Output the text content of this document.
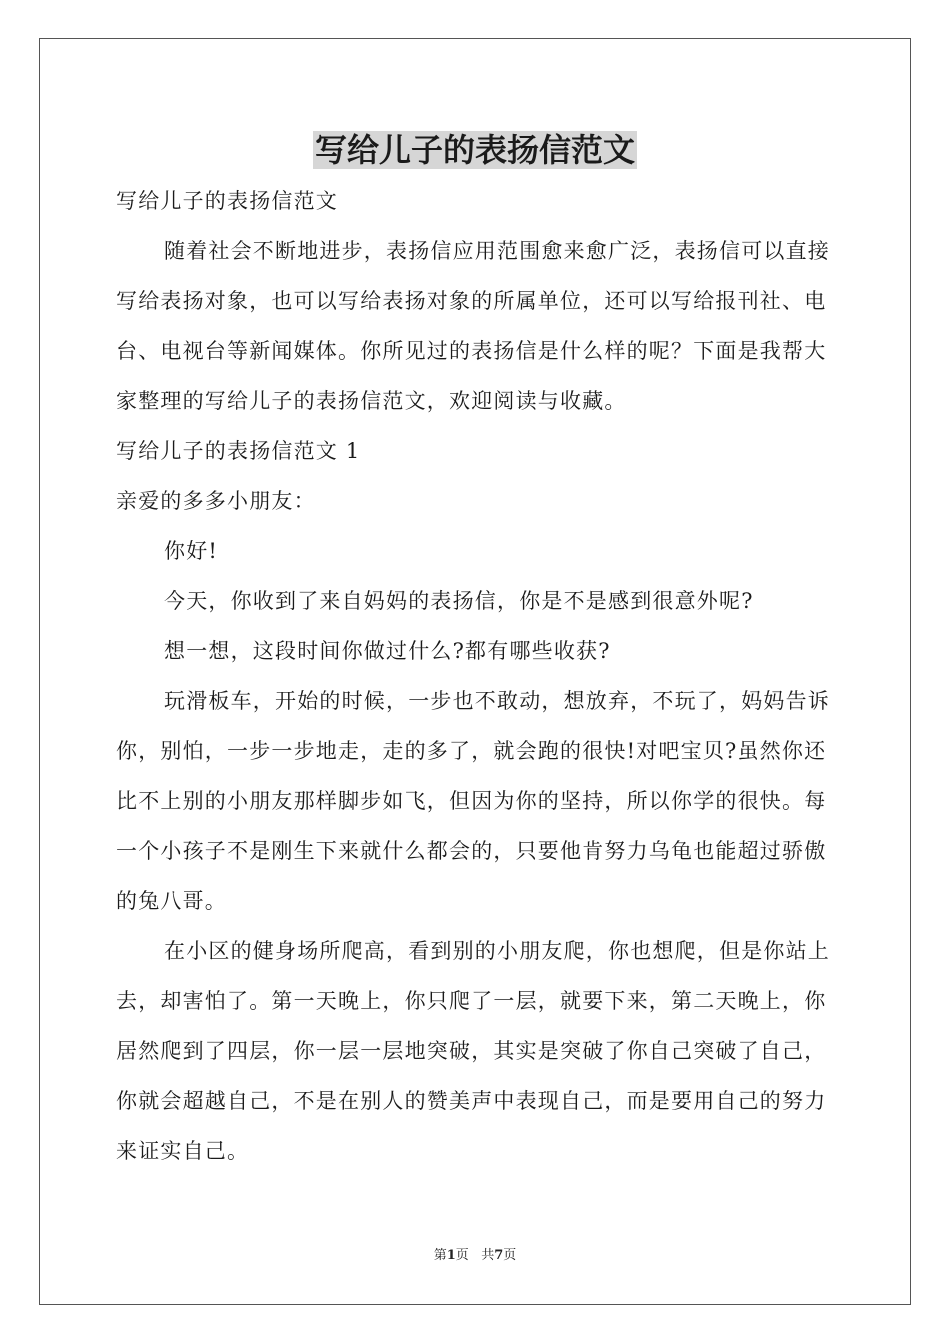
写给儿子的表扬信范文

写给儿子的表扬信范文

随着社会不断地进步，表扬信应用范围愈来愈广泛，表扬信可以直接写给表扬对象，也可以写给表扬对象的所属单位，还可以写给报刊社、电台、电视台等新闻媒体。你所见过的表扬信是什么样的呢？下面是我帮大家整理的写给儿子的表扬信范文，欢迎阅读与收藏。

写给儿子的表扬信范文 1

亲爱的多多小朋友：

你好!

今天，你收到了来自妈妈的表扬信，你是不是感到很意外呢?

想一想，这段时间你做过什么?都有哪些收获?

玩滑板车，开始的时候，一步也不敢动，想放弃，不玩了，妈妈告诉你，别怕，一步一步地走，走的多了，就会跑的很快!对吧宝贝?虽然你还比不上别的小朋友那样脚步如飞，但因为你的坚持，所以你学的很快。每一个小孩子不是刚生下来就什么都会的，只要他肯努力乌龟也能超过骄傲的兔八哥。

在小区的健身场所爬高，看到别的小朋友爬，你也想爬，但是你站上去，却害怕了。第一天晚上，你只爬了一层，就要下来，第二天晚上，你居然爬到了四层，你一层一层地突破，其实是突破了你自己突破了自己，你就会超越自己，不是在别人的赞美声中表现自己，而是要用自己的努力来证实自己。

第1页 共7页
